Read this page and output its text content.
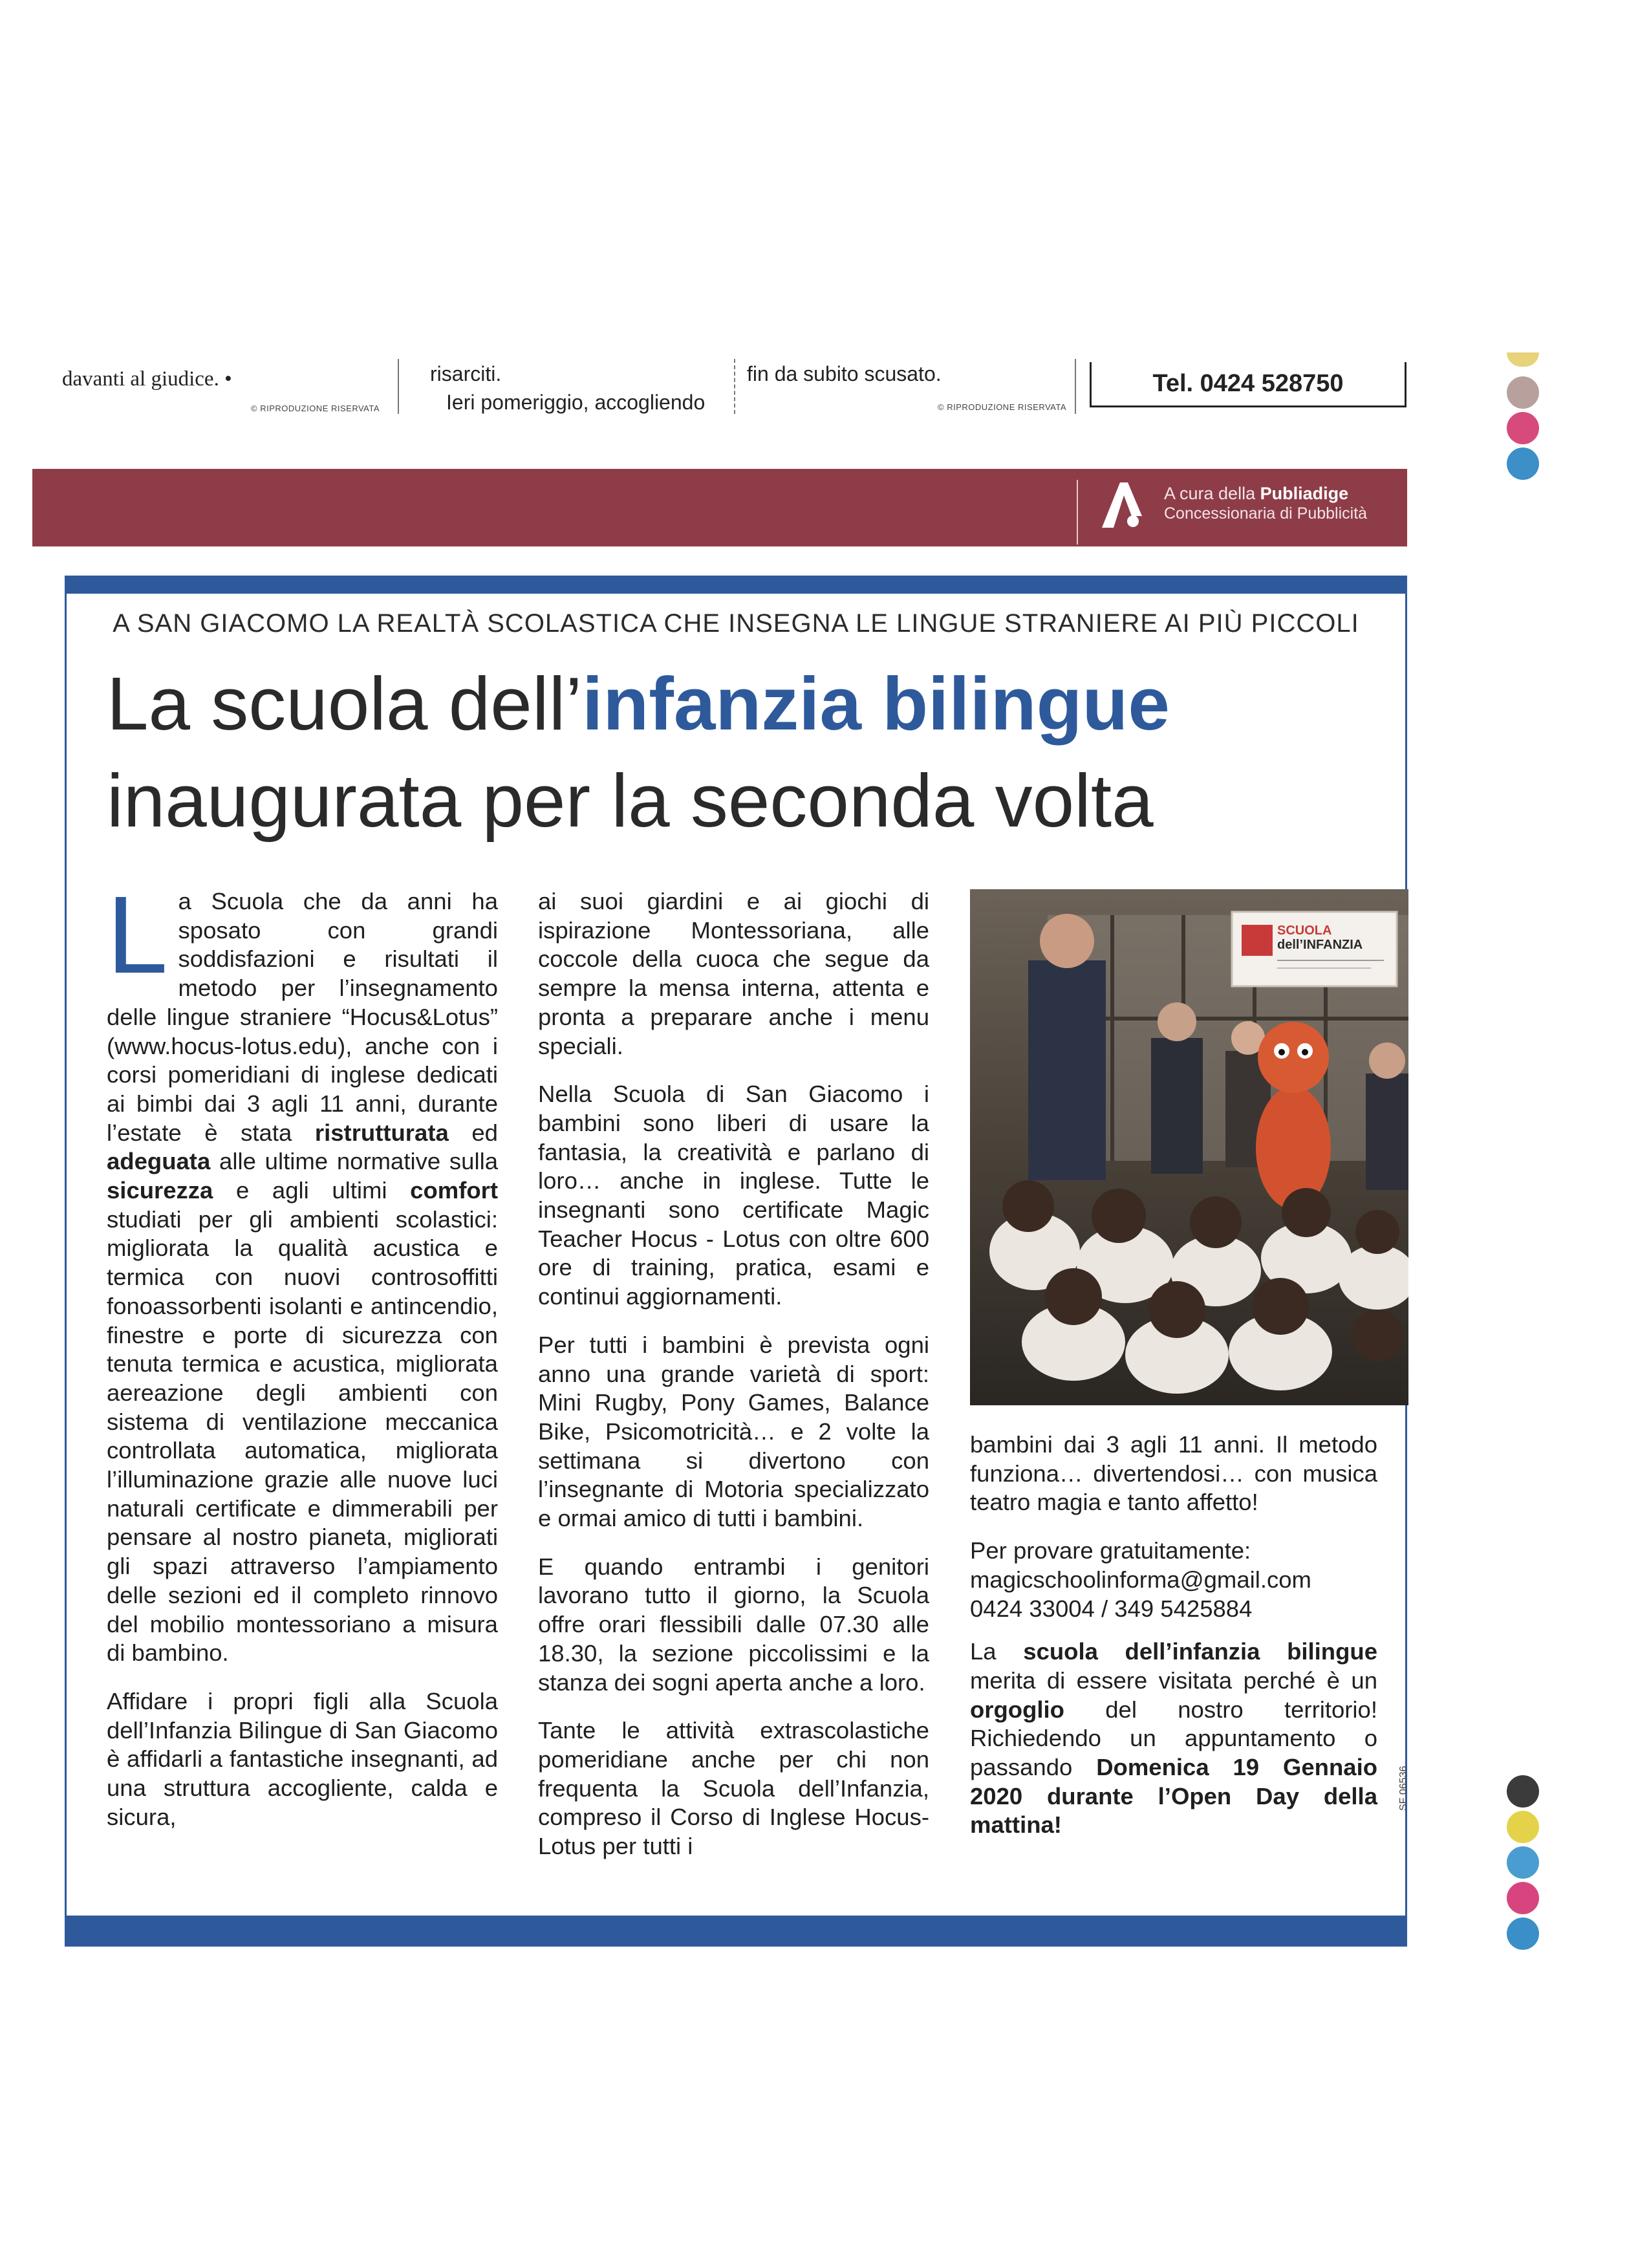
davanti al giudice. •
© RIPRODUZIONE RISERVATA
risarciti.
Ieri pomeriggio, accogliendo
fin da subito scusato.
© RIPRODUZIONE RISERVATA
Tel. 0424 528750
A cura della Publiadige
Concessionaria di Pubblicità
A SAN GIACOMO LA REALTÀ SCOLASTICA CHE INSEGNA LE LINGUE STRANIERE AI PIÙ PICCOLI
La scuola dell’infanzia bilingue
inaugurata per la seconda volta

La Scuola che da anni ha sposato con grandi soddisfazioni e risultati il metodo per l’insegnamento delle lingue straniere “Hocus&Lotus” (www.hocus-lotus.edu), anche con i corsi pomeridiani di inglese dedicati ai bimbi dai 3 agli 11 anni, durante l’estate è stata ristrutturata ed adeguata alle ultime normative sulla sicurezza e agli ultimi comfort studiati per gli ambienti scolastici: migliorata la qualità acustica e termica con nuovi controsoffitti fonoassorbenti isolanti e antincendio, finestre e porte di sicurezza con tenuta termica e acustica, migliorata aereazione degli ambienti con sistema di ventilazione meccanica controllata automatica, migliorata l’illuminazione grazie alle nuove luci naturali certificate e dimmerabili per pensare al nostro pianeta, migliorati gli spazi attraverso l’ampiamento delle sezioni ed il completo rinnovo del mobilio montessoriano a misura di bambino.

Affidare i propri figli alla Scuola dell’Infanzia Bilingue di San Giacomo è affidarli a fantastiche insegnanti, ad una struttura accogliente, calda e sicura,

ai suoi giardini e ai giochi di ispirazione Montessoriana, alle coccole della cuoca che segue da sempre la mensa interna, attenta e pronta a preparare anche i menu speciali.

Nella Scuola di San Giacomo i bambini sono liberi di usare la fantasia, la creatività e parlano di loro… anche in inglese. Tutte le insegnanti sono certificate Magic Teacher Hocus - Lotus con oltre 600 ore di training, pratica, esami e continui aggiornamenti.

Per tutti i bambini è prevista ogni anno una grande varietà di sport: Mini Rugby, Pony Games, Balance Bike, Psicomotricità… e 2 volte la settimana si divertono con l’insegnante di Motoria specializzato e ormai amico di tutti i bambini.

E quando entrambi i genitori lavorano tutto il giorno, la Scuola offre orari flessibili dalle 07.30 alle 18.30, la sezione piccolissimi e la stanza dei sogni aperta anche a loro.

Tante le attività extrascolastiche pomeridiane anche per chi non frequenta la Scuola dell’Infanzia, compreso il Corso di Inglese Hocus-Lotus per tutti i

SCUOLA
dell’INFANZIA

bambini dai 3 agli 11 anni. Il metodo funziona… divertendosi… con musica teatro magia e tanto affetto!

Per provare gratuitamente:
magicschoolinforma@gmail.com
0424 33004 / 349 5425884

La scuola dell’infanzia bilingue merita di essere visitata perché è un orgoglio del nostro territorio! Richiedendo un appuntamento o passando Domenica 19 Gennaio 2020 durante l’Open Day della mattina!

SF 06536
